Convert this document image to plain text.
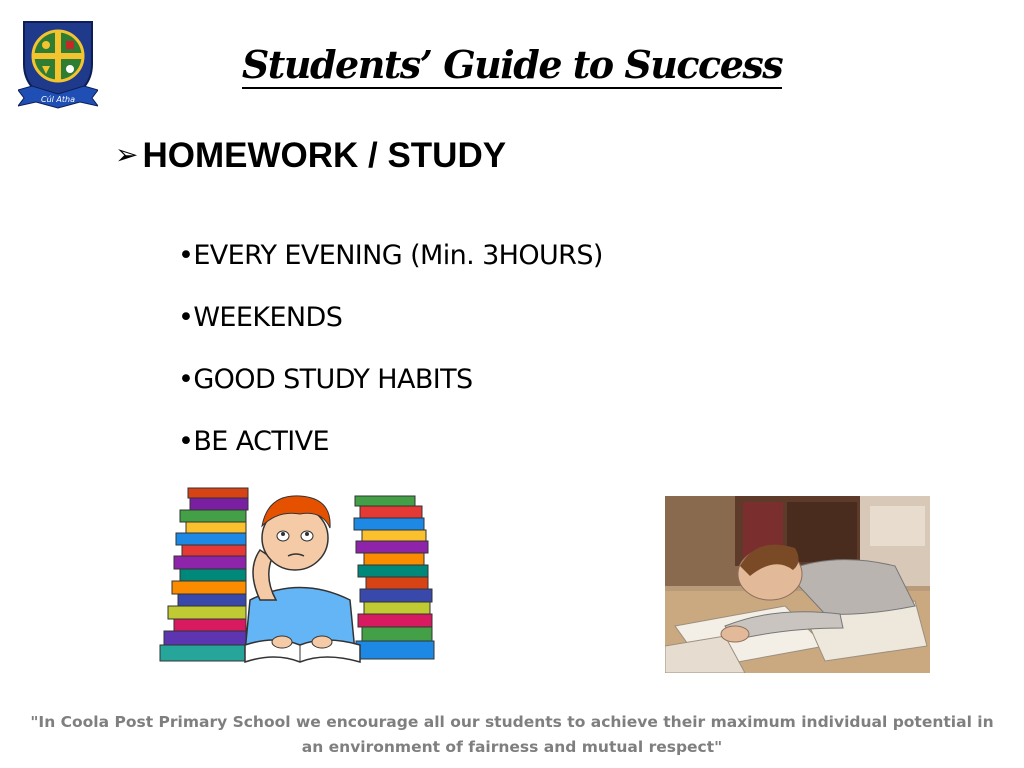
Cúl Atha
Students’ Guide to Success
➢ HOMEWORK / STUDY
•EVERY EVENING (Min. 3HOURS)
•WEEKENDS
•GOOD STUDY HABITS
•BE ACTIVE
"In Coola Post Primary School we encourage all our students to achieve their maximum individual potential in an environment of fairness and mutual respect"
